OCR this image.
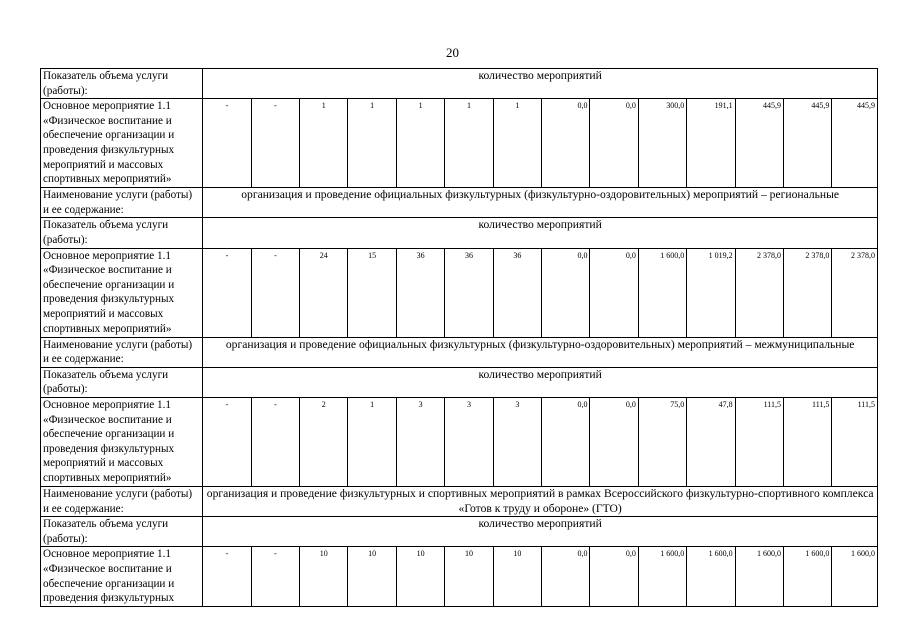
20
Показатель объема услуги (работы):	количество мероприятий													
Основное мероприятие 1.1 «Физическое воспитание и обеспечение организации и проведения физкультурных мероприятий и массовых спортивных мероприятий»	-	-	1	1	1	1	1	0,0	0,0	300,0	191,1	445,9	445,9	445,9
Наименование услуги (работы) и ее содержание:	организация и проведение официальных физкультурных (физкультурно-оздоровительных) мероприятий – региональные													
Показатель объема услуги (работы):	количество мероприятий													
Основное мероприятие 1.1 «Физическое воспитание и обеспечение организации и проведения физкультурных мероприятий и массовых спортивных мероприятий»	-	-	24	15	36	36	36	0,0	0,0	1 600,0	1 019,2	2 378,0	2 378,0	2 378,0
Наименование услуги (работы) и ее содержание:	организация и проведение официальных физкультурных (физкультурно-оздоровительных) мероприятий – межмуниципальные													
Показатель объема услуги (работы):	количество мероприятий													
Основное мероприятие 1.1 «Физическое воспитание и обеспечение организации и проведения физкультурных мероприятий и массовых спортивных мероприятий»	-	-	2	1	3	3	3	0,0	0,0	75,0	47,8	111,5	111,5	111,5
Наименование услуги (работы) и ее содержание:	организация и проведение физкультурных и спортивных мероприятий в рамках Всероссийского физкультурно-спортивного комплекса «Готов к труду и обороне» (ГТО)													
Показатель объема услуги (работы):	количество мероприятий													
Основное мероприятие 1.1 «Физическое воспитание и обеспечение организации и проведения физкультурных	-	-	10	10	10	10	10	0,0	0,0	1 600,0	1 600,0	1 600,0	1 600,0	1 600,0
